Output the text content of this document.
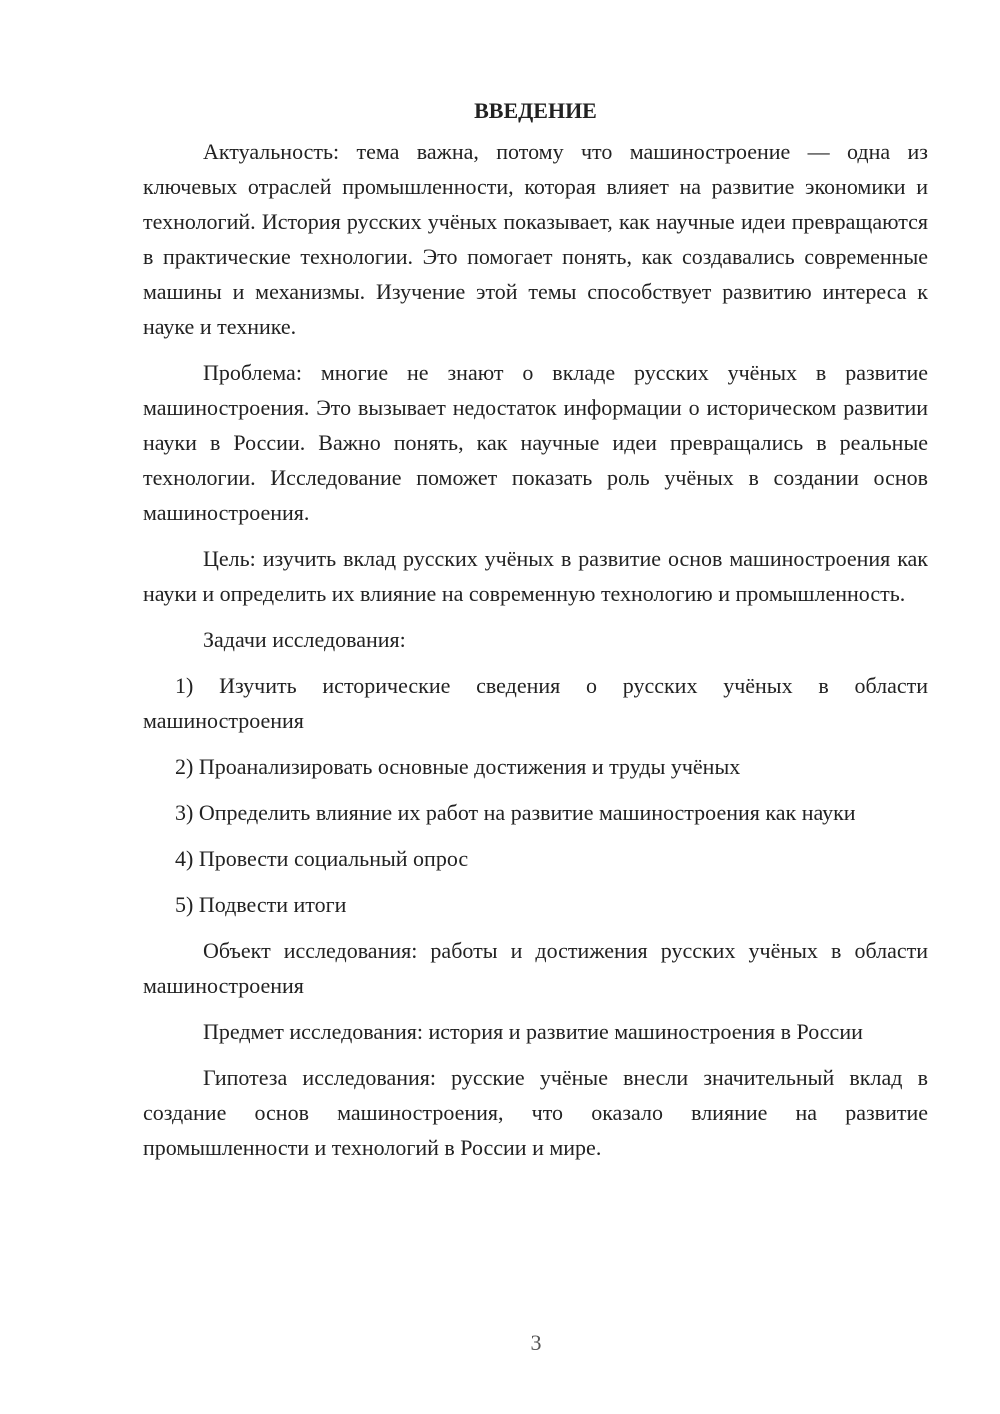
ВВЕДЕНИЕ

Актуальность: тема важна, потому что машиностроение — одна из ключевых отраслей промышленности, которая влияет на развитие экономики и технологий. История русских учёных показывает, как научные идеи превращаются в практические технологии. Это помогает понять, как создавались современные машины и механизмы. Изучение этой темы способствует развитию интереса к науке и технике.

Проблема: многие не знают о вкладе русских учёных в развитие машиностроения. Это вызывает недостаток информации о историческом развитии науки в России. Важно понять, как научные идеи превращались в реальные технологии. Исследование поможет показать роль учёных в создании основ машиностроения.

Цель: изучить вклад русских учёных в развитие основ машиностроения как науки и определить их влияние на современную технологию и промышленность.

Задачи исследования:

1) Изучить исторические сведения о русских учёных в области машиностроения

2) Проанализировать основные достижения и труды учёных

3) Определить влияние их работ на развитие машиностроения как науки

4) Провести социальный опрос

5) Подвести итоги

Объект исследования: работы и достижения русских учёных в области машиностроения

Предмет исследования: история и развитие машиностроения в России

Гипотеза исследования: русские учёные внесли значительный вклад в создание основ машиностроения, что оказало влияние на развитие промышленности и технологий в России и мире.

3
